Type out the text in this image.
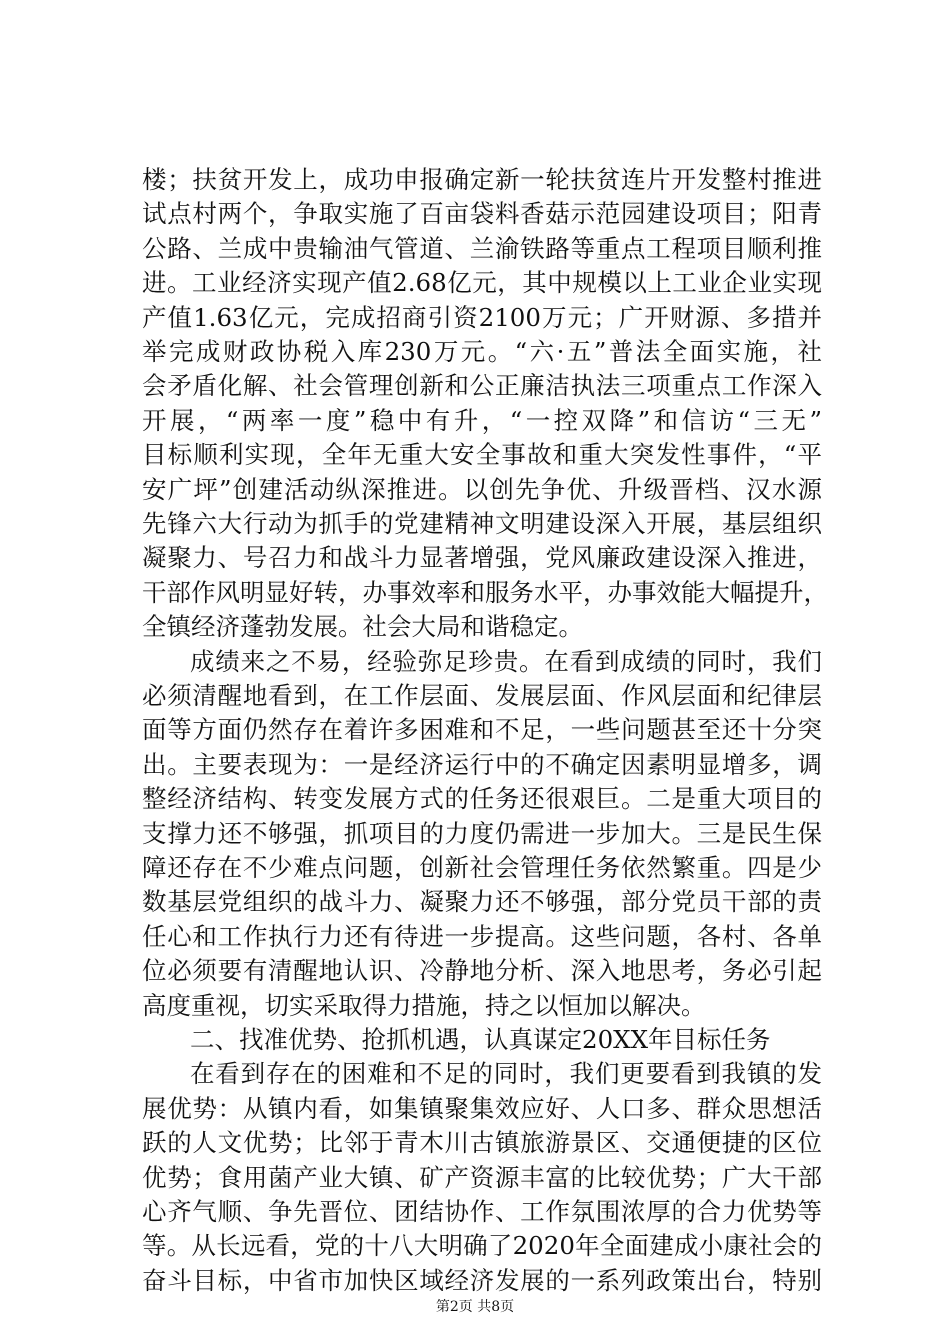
楼；扶贫开发上，成功申报确定新一轮扶贫连片开发整村推进
试点村两个，争取实施了百亩袋料香菇示范园建设项目；阳青
公路、兰成中贵输油气管道、兰渝铁路等重点工程项目顺利推
进。工业经济实现产值2.68亿元，其中规模以上工业企业实现
产值1.63亿元，完成招商引资2100万元；广开财源、多措并
举完成财政协税入库230万元。“六·五”普法全面实施，社
会矛盾化解、社会管理创新和公正廉洁执法三项重点工作深入
开展，“两率一度”稳中有升，“一控双降”和信访“三无”
目标顺利实现，全年无重大安全事故和重大突发性事件，“平
安广坪”创建活动纵深推进。以创先争优、升级晋档、汉水源
先锋六大行动为抓手的党建精神文明建设深入开展，基层组织
凝聚力、号召力和战斗力显著增强，党风廉政建设深入推进，
干部作风明显好转，办事效率和服务水平，办事效能大幅提升，
全镇经济蓬勃发展。社会大局和谐稳定。
成绩来之不易，经验弥足珍贵。在看到成绩的同时，我们
必须清醒地看到，在工作层面、发展层面、作风层面和纪律层
面等方面仍然存在着许多困难和不足，一些问题甚至还十分突
出。主要表现为：一是经济运行中的不确定因素明显增多，调
整经济结构、转变发展方式的任务还很艰巨。二是重大项目的
支撑力还不够强，抓项目的力度仍需进一步加大。三是民生保
障还存在不少难点问题，创新社会管理任务依然繁重。四是少
数基层党组织的战斗力、凝聚力还不够强，部分党员干部的责
任心和工作执行力还有待进一步提高。这些问题，各村、各单
位必须要有清醒地认识、冷静地分析、深入地思考，务必引起
高度重视，切实采取得力措施，持之以恒加以解决。
二、找准优势、抢抓机遇，认真谋定20XX年目标任务
在看到存在的困难和不足的同时，我们更要看到我镇的发
展优势：从镇内看，如集镇聚集效应好、人口多、群众思想活
跃的人文优势；比邻于青木川古镇旅游景区、交通便捷的区位
优势；食用菌产业大镇、矿产资源丰富的比较优势；广大干部
心齐气顺、争先晋位、团结协作、工作氛围浓厚的合力优势等
等。从长远看，党的十八大明确了2020年全面建成小康社会的
奋斗目标，中省市加快区域经济发展的一系列政策出台，特别
第2页 共8页
